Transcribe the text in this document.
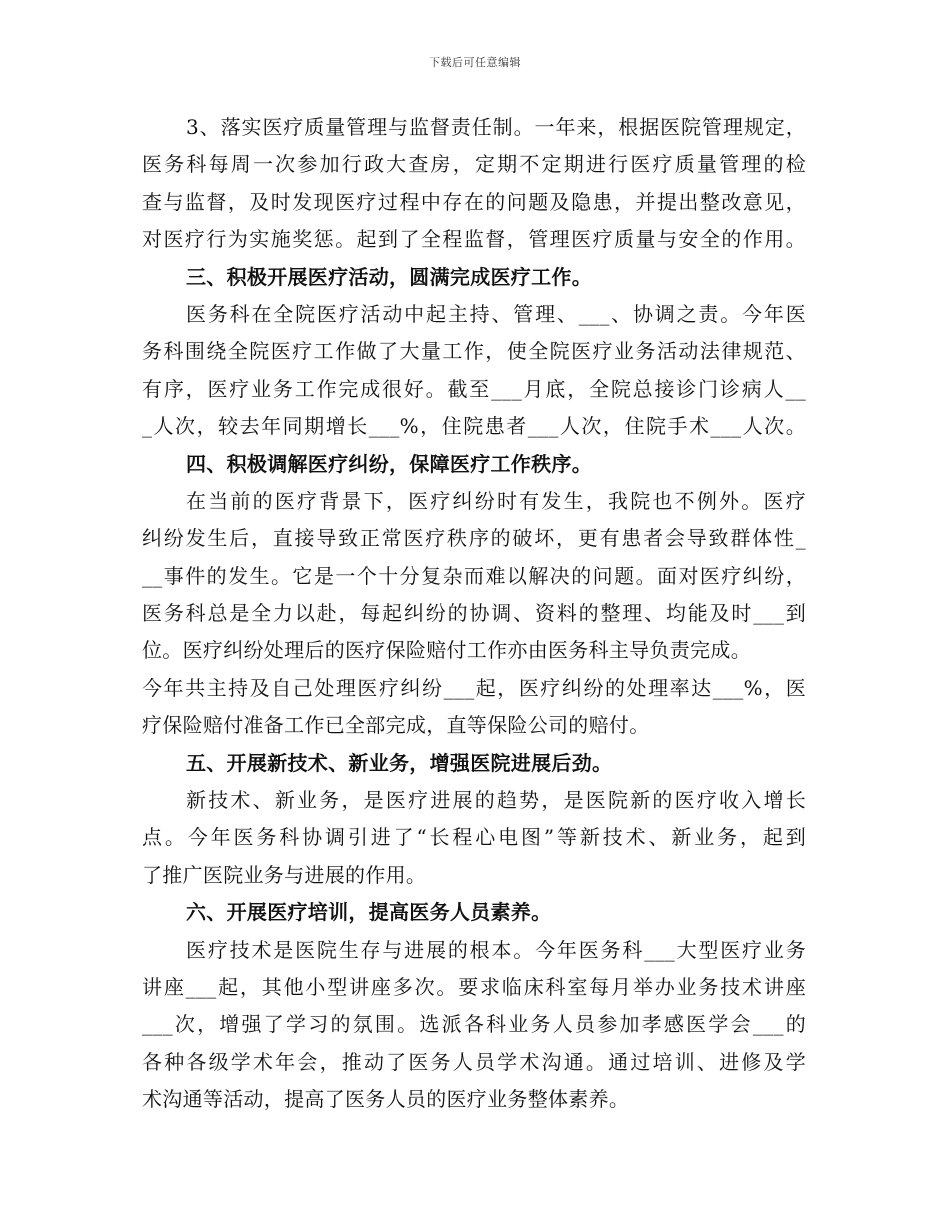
下载后可任意编辑
3、落实医疗质量管理与监督责任制。一年来，根据医院管理规定，
医务科每周一次参加行政大查房，定期不定期进行医疗质量管理的检
查与监督，及时发现医疗过程中存在的问题及隐患，并提出整改意见，
对医疗行为实施奖惩。起到了全程监督，管理医疗质量与安全的作用。
三、积极开展医疗活动，圆满完成医疗工作。
医务科在全院医疗活动中起主持、管理、___、协调之责。今年医
务科围绕全院医疗工作做了大量工作，使全院医疗业务活动法律规范、
有序，医疗业务工作完成很好。截至___月底，全院总接诊门诊病人__
_人次，较去年同期增长___%，住院患者___人次，住院手术___人次。
四、积极调解医疗纠纷，保障医疗工作秩序。
在当前的医疗背景下，医疗纠纷时有发生，我院也不例外。医疗
纠纷发生后，直接导致正常医疗秩序的破坏，更有患者会导致群体性_
__事件的发生。它是一个十分复杂而难以解决的问题。面对医疗纠纷，
医务科总是全力以赴，每起纠纷的协调、资料的整理、均能及时___到
位。医疗纠纷处理后的医疗保险赔付工作亦由医务科主导负责完成。
今年共主持及自己处理医疗纠纷___起，医疗纠纷的处理率达___%，医
疗保险赔付准备工作已全部完成，直等保险公司的赔付。
五、开展新技术、新业务，增强医院进展后劲。
新技术、新业务，是医疗进展的趋势，是医院新的医疗收入增长
点。今年医务科协调引进了“长程心电图”等新技术、新业务，起到
了推广医院业务与进展的作用。
六、开展医疗培训，提高医务人员素养。
医疗技术是医院生存与进展的根本。今年医务科___大型医疗业务
讲座___起，其他小型讲座多次。要求临床科室每月举办业务技术讲座
___次，增强了学习的氛围。选派各科业务人员参加孝感医学会___的
各种各级学术年会，推动了医务人员学术沟通。通过培训、进修及学
术沟通等活动，提高了医务人员的医疗业务整体素养。
